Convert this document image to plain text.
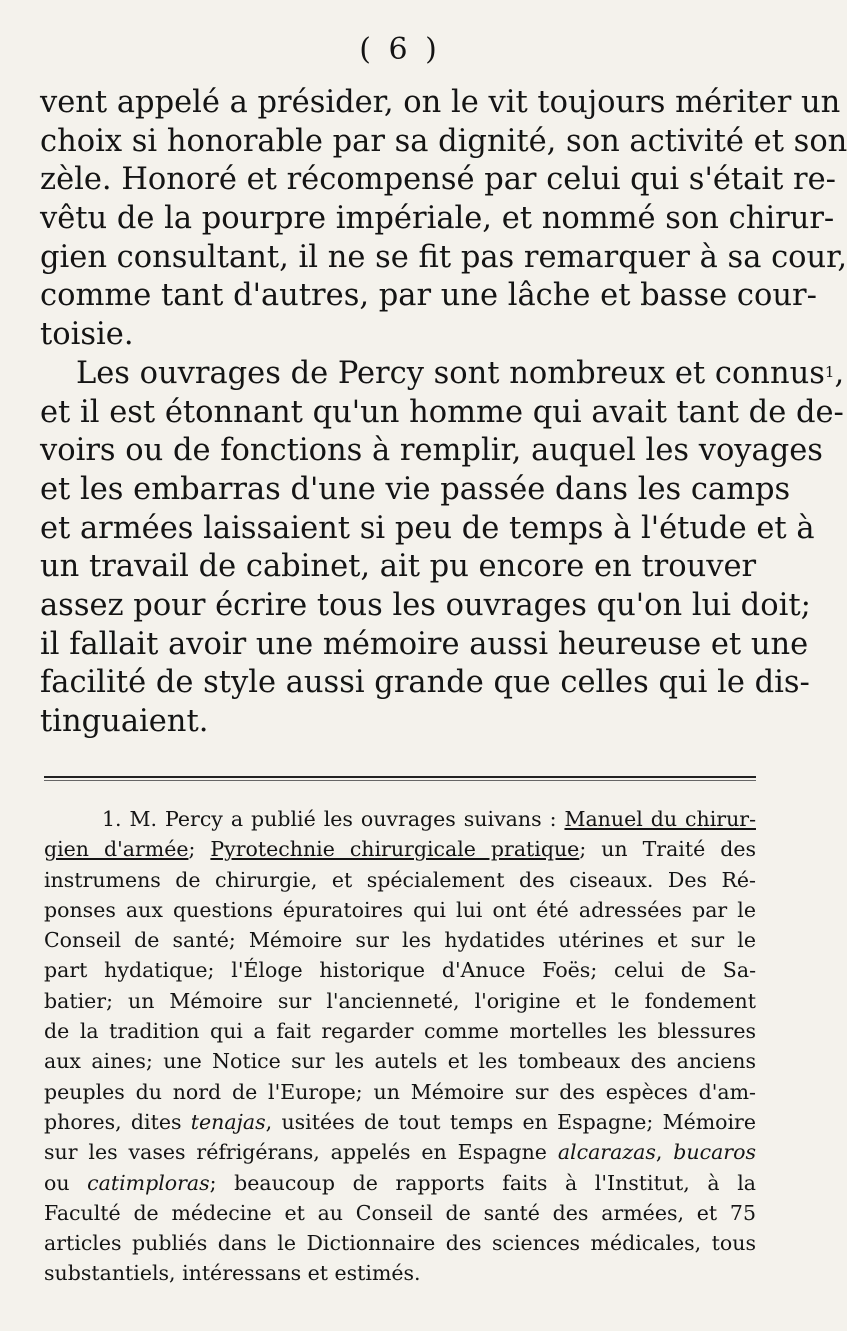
( 6 )
vent appelé a présider, on le vit toujours mériter un
choix si honorable par sa dignité, son activité et son
zèle. Honoré et récompensé par celui qui s'était re-
vêtu de la pourpre impériale, et nommé son chirur-
gien consultant, il ne se fit pas remarquer à sa cour,
comme tant d'autres, par une lâche et basse cour-
toisie.
Les ouvrages de Percy sont nombreux et connus$^1$,
et il est étonnant qu'un homme qui avait tant de de-
voirs ou de fonctions à remplir, auquel les voyages
et les embarras d'une vie passée dans les camps
et armées laissaient si peu de temps à l'étude et à
un travail de cabinet, ait pu encore en trouver
assez pour écrire tous les ouvrages qu'on lui doit;
il fallait avoir une mémoire aussi heureuse et une
facilité de style aussi grande que celles qui le dis-
tinguaient.
1. M. Percy a publié les ouvrages suivans : Manuel du chirur-
gien d'armée; Pyrotechnie chirurgicale pratique; un Traité des
instrumens de chirurgie, et spécialement des ciseaux. Des Ré-
ponses aux questions épuratoires qui lui ont été adressées par le
Conseil de santé; Mémoire sur les hydatides utérines et sur le
part hydatique; l'Éloge historique d'Anuce Foës; celui de Sa-
batier; un Mémoire sur l'ancienneté, l'origine et le fondement
de la tradition qui a fait regarder comme mortelles les blessures
aux aines; une Notice sur les autels et les tombeaux des anciens
peuples du nord de l'Europe; un Mémoire sur des espèces d'am-
phores, dites tenajas, usitées de tout temps en Espagne; Mémoire
sur les vases réfrigérans, appelés en Espagne alcarazas, bucaros
ou catimploras; beaucoup de rapports faits à l'Institut, à la
Faculté de médecine et au Conseil de santé des armées, et 75
articles publiés dans le Dictionnaire des sciences médicales, tous
substantiels, intéressans et estimés.
